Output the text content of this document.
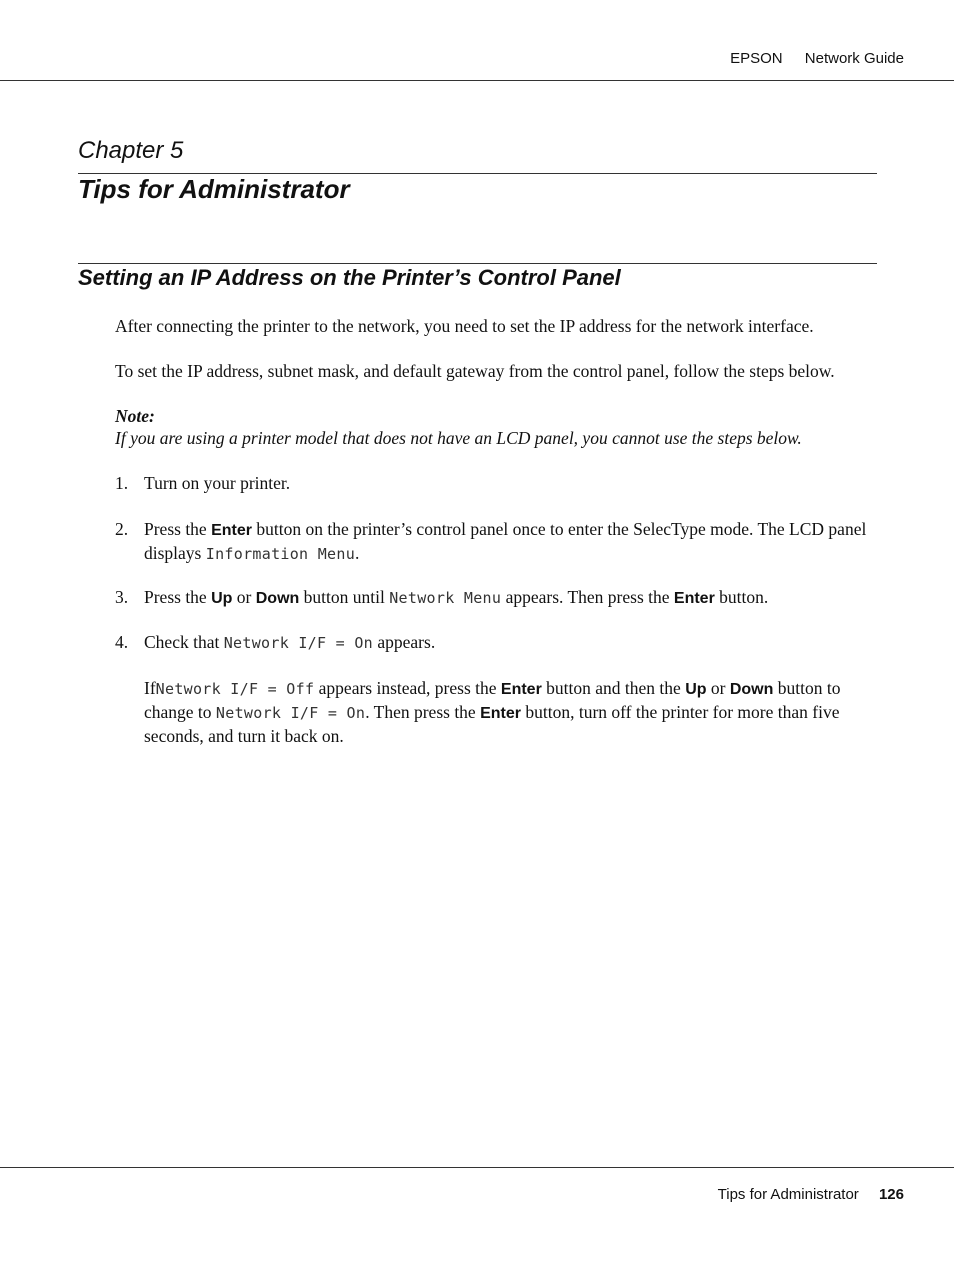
EPSON Network Guide
Chapter 5
Tips for Administrator
Setting an IP Address on the Printer’s Control Panel
After connecting the printer to the network, you need to set the IP address for the network interface.
To set the IP address, subnet mask, and default gateway from the control panel, follow the steps below.
Note:
If you are using a printer model that does not have an LCD panel, you cannot use the steps below.
1. Turn on your printer.
2. Press the Enter button on the printer’s control panel once to enter the SelecType mode. The LCD panel displays Information Menu.
3. Press the Up or Down button until Network Menu appears. Then press the Enter button.
4. Check that Network I/F = On appears.
IfNetwork I/F = Off appears instead, press the Enter button and then the Up or Down button to change to Network I/F = On. Then press the Enter button, turn off the printer for more than five seconds, and turn it back on.
Tips for Administrator 126
